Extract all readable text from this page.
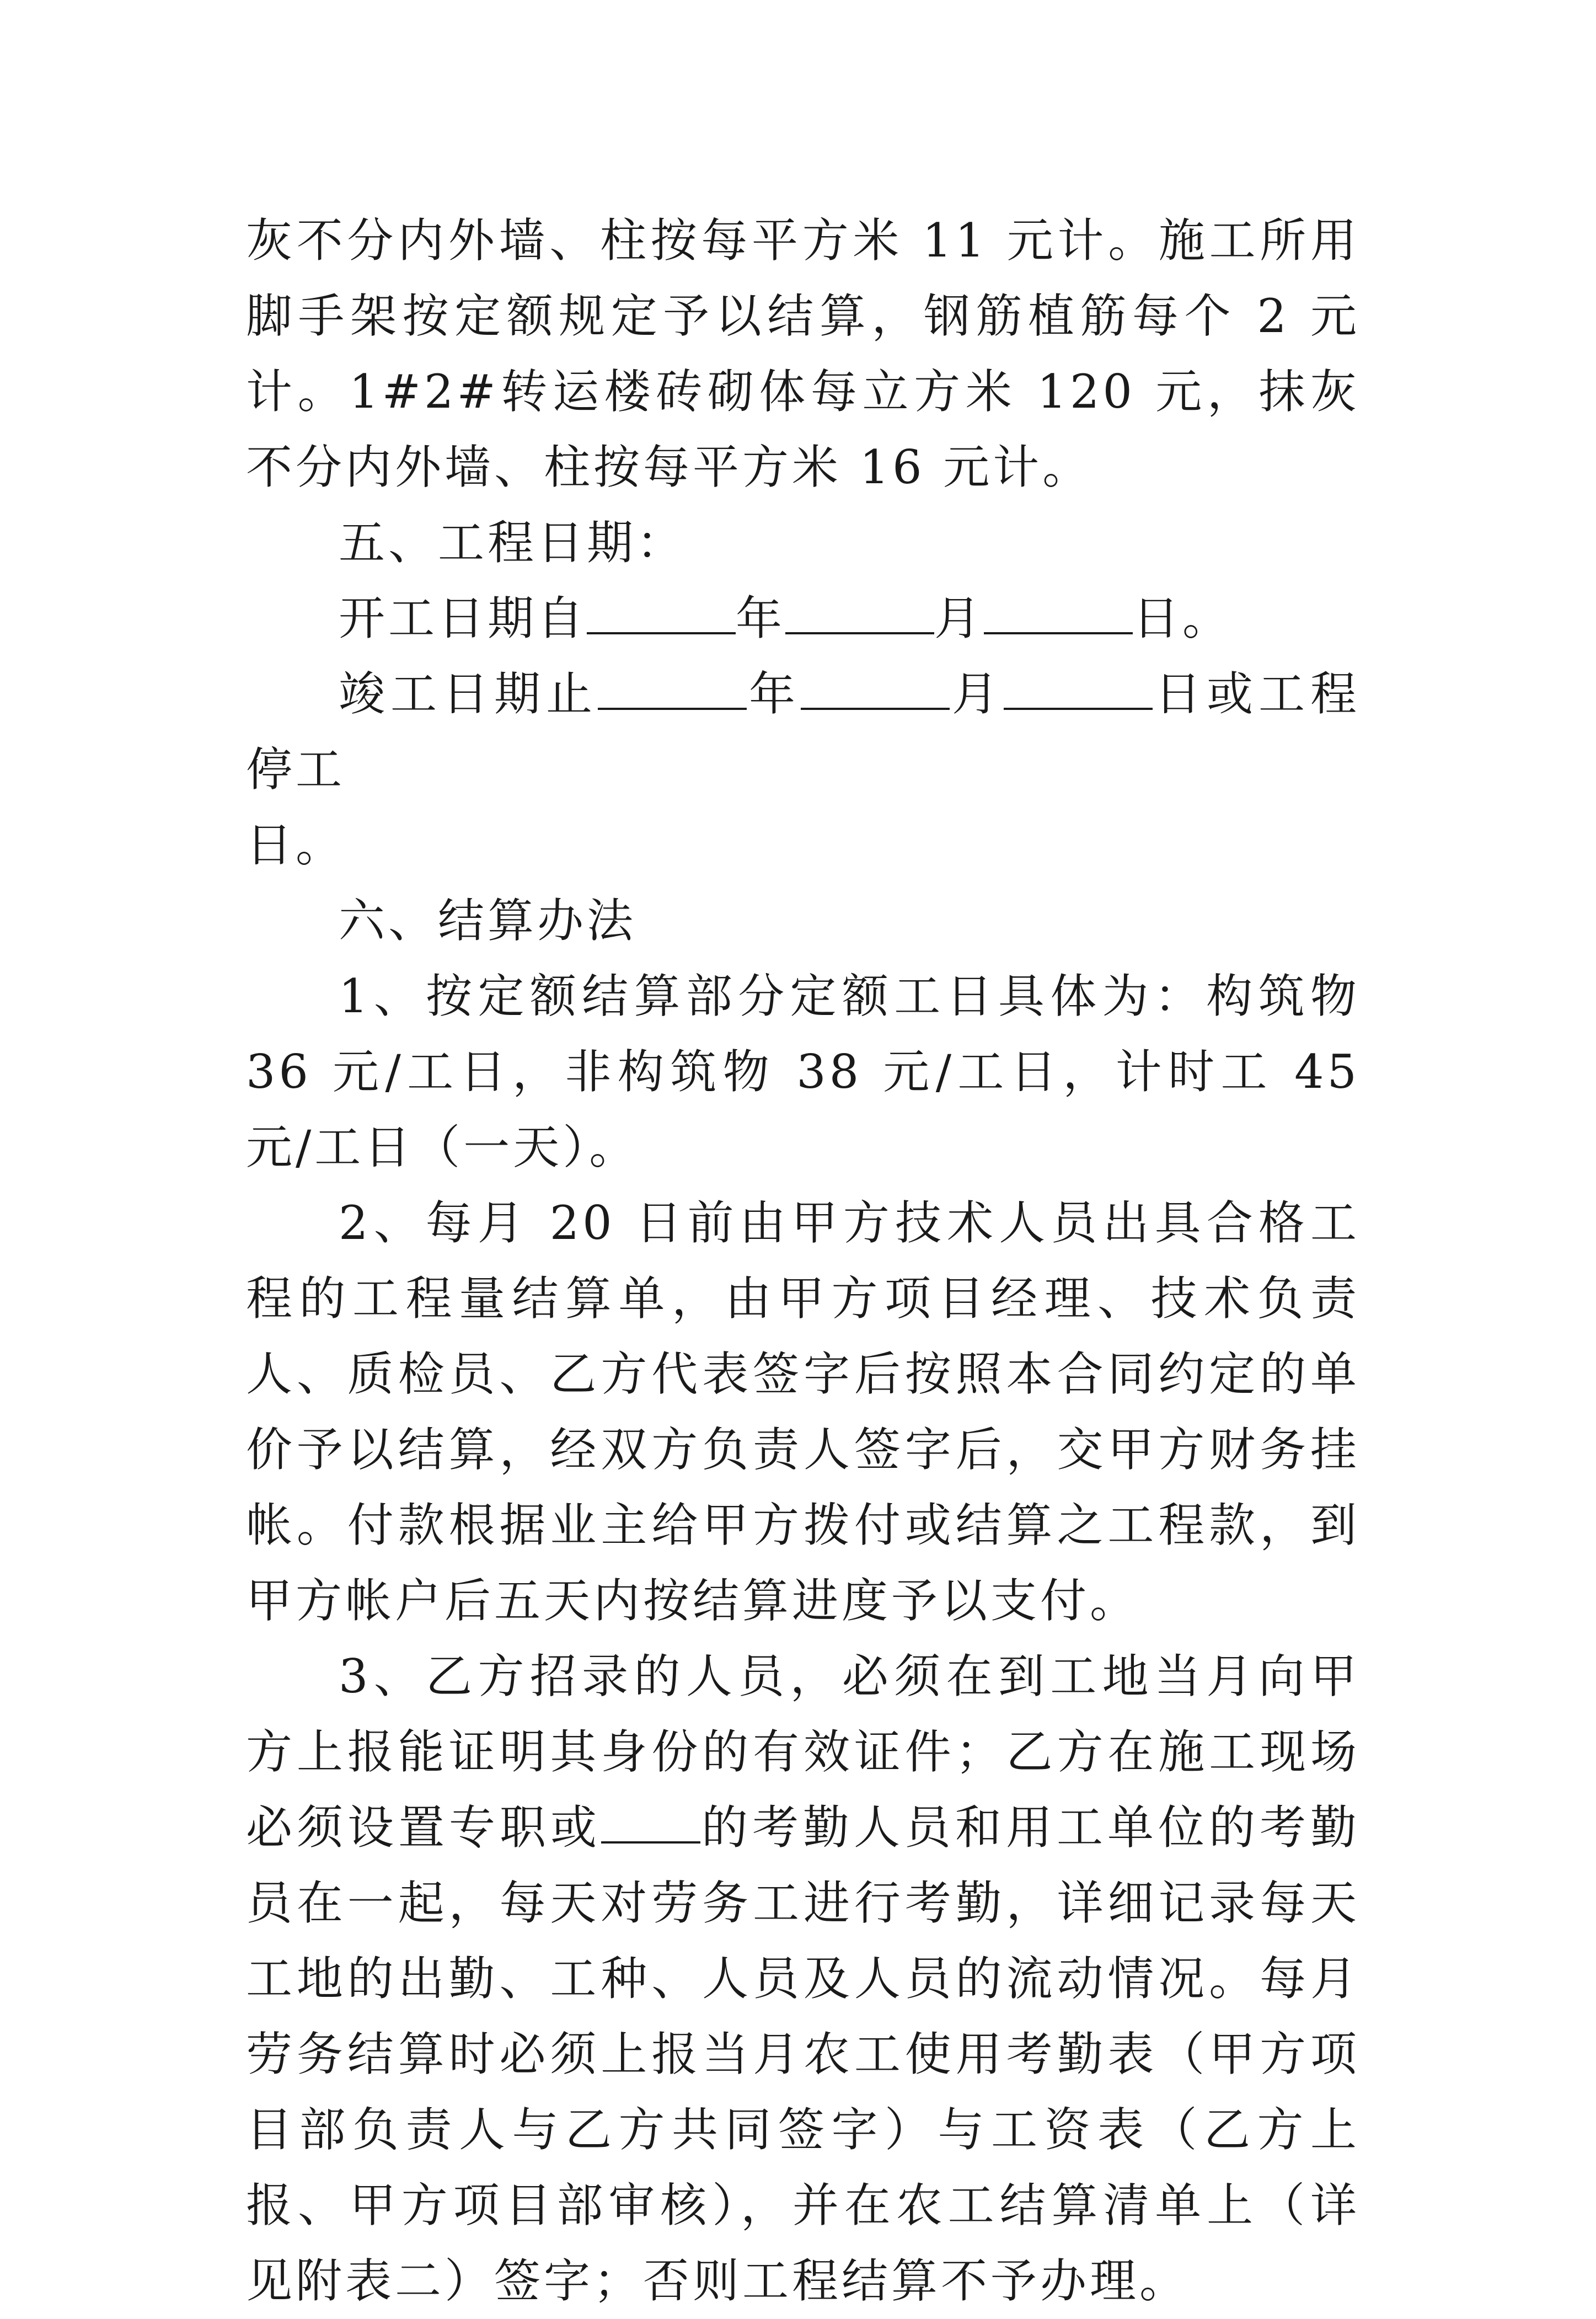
灰不分内外墙、柱按每平方米 11 元计。施工所用脚手架按定额规定予以结算，钢筋植筋每个 2 元计。1#2#转运楼砖砌体每立方米 120 元，抹灰不分内外墙、柱按每平方米 16 元计。

五、工程日期：

开工日期自	年	月	日。

竣工日期止	年	月	日或工程停工
日。

六、结算办法

1、按定额结算部分定额工日具体为：构筑物 36 元/工日，非构筑物 38 元/工日，计时工 45 元/工日（一天）。

2、每月 20 日前由甲方技术人员出具合格工程的工程量结算单，由甲方项目经理、技术负责人、质检员、乙方代表签字后按照本合同约定的单价予以结算，经双方负责人签字后，交甲方财务挂帐。付款根据业主给甲方拨付或结算之工程款，到甲方帐户后五天内按结算进度予以支付。

3、乙方招录的人员，必须在到工地当月向甲方上报能证明其身份的有效证件；乙方在施工现场必须设置专职或 的考勤人员和用工单位的考勤员在一起，每天对劳务工进行考勤，详细记录每天工地的出勤、工种、人员及人员的流动情况。每月劳务结算时必须上报当月农工使用考勤表（甲方项目部负责人与乙方共同签字）与工资表（乙方上报、甲方项目部审核），并在农工结算清单上（详见附表二）签字；否则工程结算不予办理。
